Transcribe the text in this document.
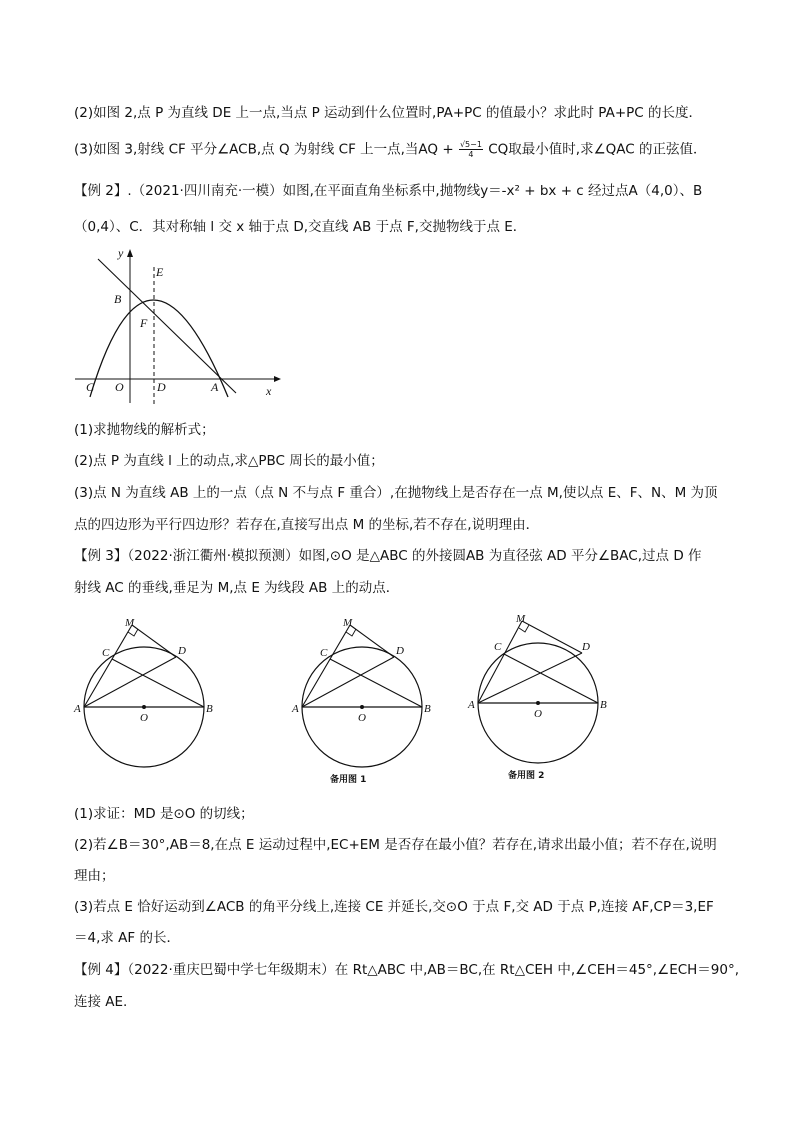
(2)如图 2,点 P 为直线 DE 上一点,当点 P 运动到什么位置时,PA+PC 的值最小？求此时 PA+PC 的长度．
(3)如图 3,射线 CF 平分∠ACB,点 Q 为射线 CF 上一点,当AQ + $\frac{√5-1}{4}$ CQ取最小值时,求∠QAC 的正弦值．
【例 2】.（2021·四川南充·一模）如图,在平面直角坐标系中,抛物线y＝-x² + bx + c 经过点A（4,0）、B
（0,4）、C．其对称轴 l 交 x 轴于点 D,交直线 AB 于点 F,交抛物线于点 E．
y
x
E
B
F
C O	D	A
(1)求抛物线的解析式；
(2)点 P 为直线 l 上的动点,求△PBC 周长的最小值；
(3)点 N 为直线 AB 上的一点（点 N 不与点 F 重合）,在抛物线上是否存在一点 M,使以点 E、F、N、M 为顶
点的四边形为平行四边形？若存在,直接写出点 M 的坐标,若不存在,说明理由．
【例 3】（2022·浙江衢州·模拟预测）如图,⊙O 是△ABC 的外接圆AB 为直径弦 AD 平分∠BAC,过点 D 作
射线 AC 的垂线,垂足为 M,点 E 为线段 AB 上的动点．
M
C	D
A
O
B
M
C	D
A
O
B
备用图 1
M
C	D
A
O
B
备用图 2
(1)求证：MD 是⊙O 的切线；
(2)若∠B＝30°,AB＝8,在点 E 运动过程中,EC+EM 是否存在最小值？若存在,请求出最小值；若不存在,说明
理由；
(3)若点 E 恰好运动到∠ACB 的角平分线上,连接 CE 并延长,交⊙O 于点 F,交 AD 于点 P,连接 AF,CP＝3,EF
＝4,求 AF 的长．
【例 4】（2022·重庆巴蜀中学七年级期末）在 Rt△ABC 中,AB＝BC,在 Rt△CEH 中,∠CEH＝45°,∠ECH＝90°,
连接 AE.
